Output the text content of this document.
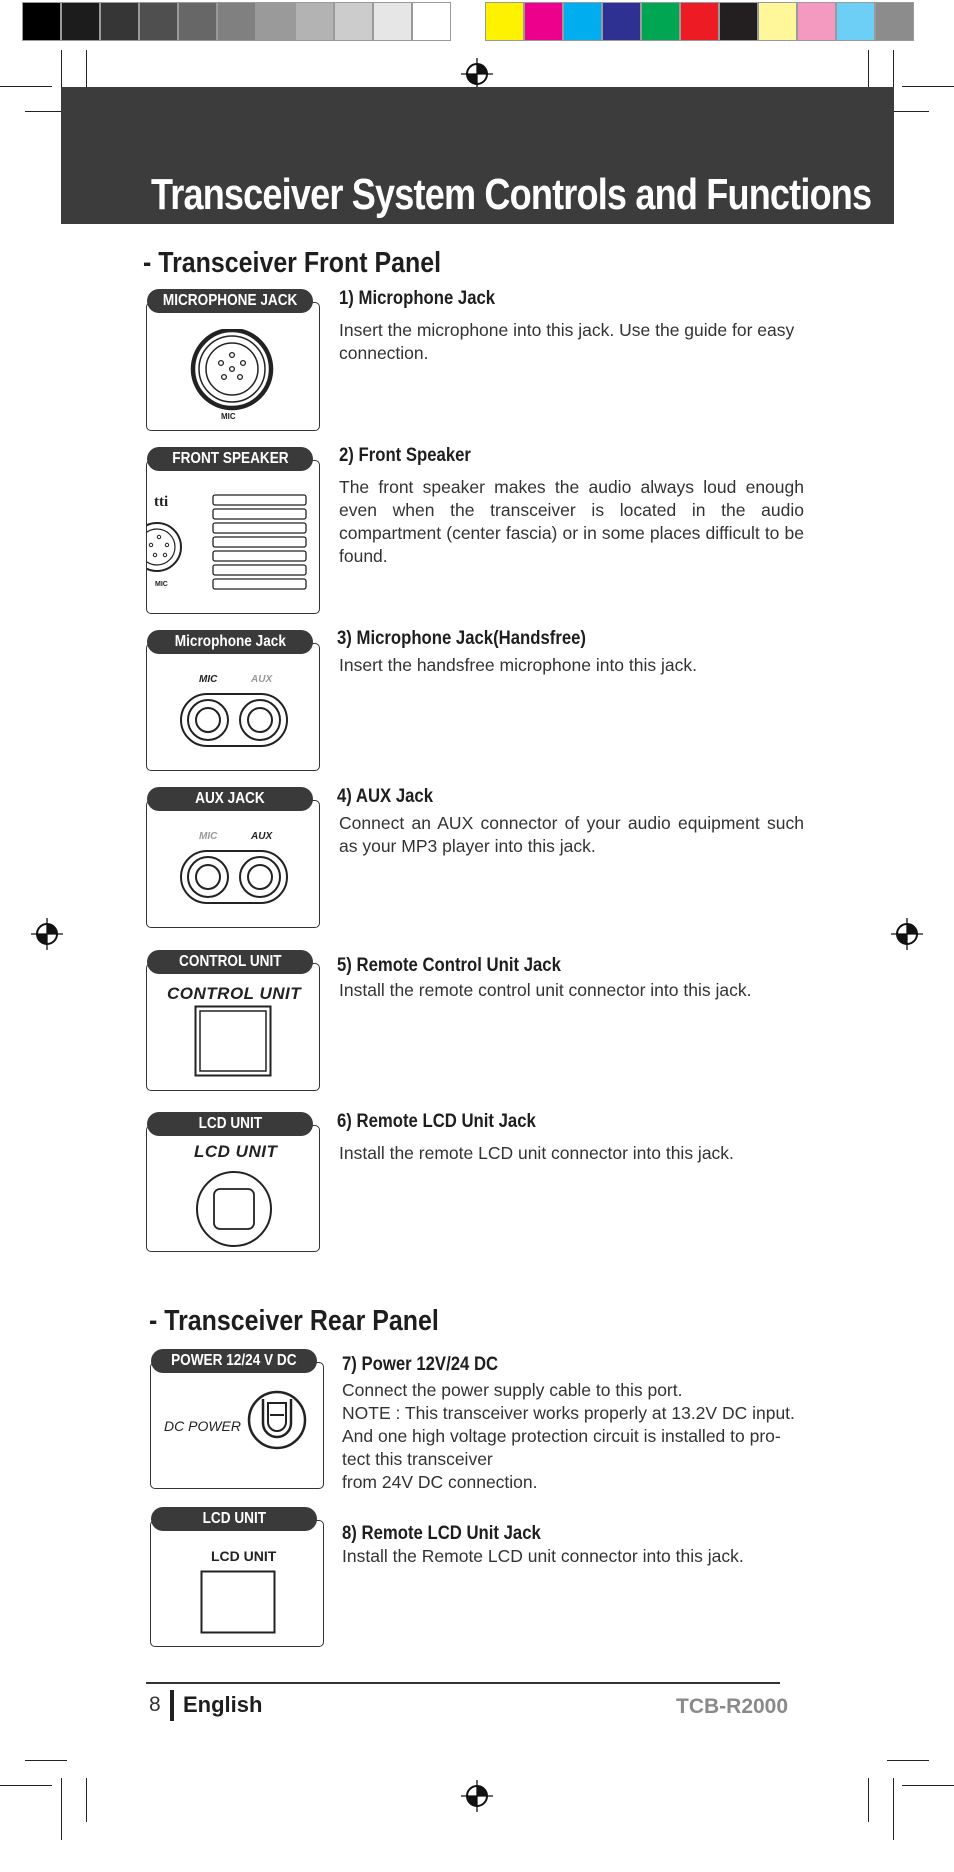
Transceiver System Controls and Functions
- Transceiver Front Panel
MICROPHONE JACK
MIC

1) Microphone Jack

Insert the microphone into this jack. Use the guide for easy connection.

FRONT SPEAKER
tti
MIC

2) Front Speaker

The front speaker makes the audio always loud enough even when the transceiver is located in the audio compartment (center fascia) or in some places difficult to be found.

Microphone Jack
MIC	AUX

3) Microphone Jack(Handsfree)

Insert the handsfree microphone into this jack.

AUX JACK
MIC	AUX

4) AUX Jack

Connect an AUX connector of your audio equipment such as your MP3 player into this jack.

CONTROL UNIT
CONTROL UNIT

5) Remote Control Unit Jack

Install the remote control unit connector into this jack.

LCD UNIT
LCD UNIT

6) Remote LCD Unit Jack

Install the remote LCD unit connector into this jack.

- Transceiver Rear Panel
POWER 12/24 V DC
DC POWER

7) Power 12V/24 DC

Connect the power supply cable to this port.

NOTE : This transceiver works properly at 13.2V DC input.

And one high voltage protection circuit is installed to pro-

tect this transceiver

from 24V DC connection.

LCD UNIT
LCD UNIT

8) Remote LCD Unit Jack

Install the Remote LCD unit connector into this jack.

8 English	TCB-R2000
